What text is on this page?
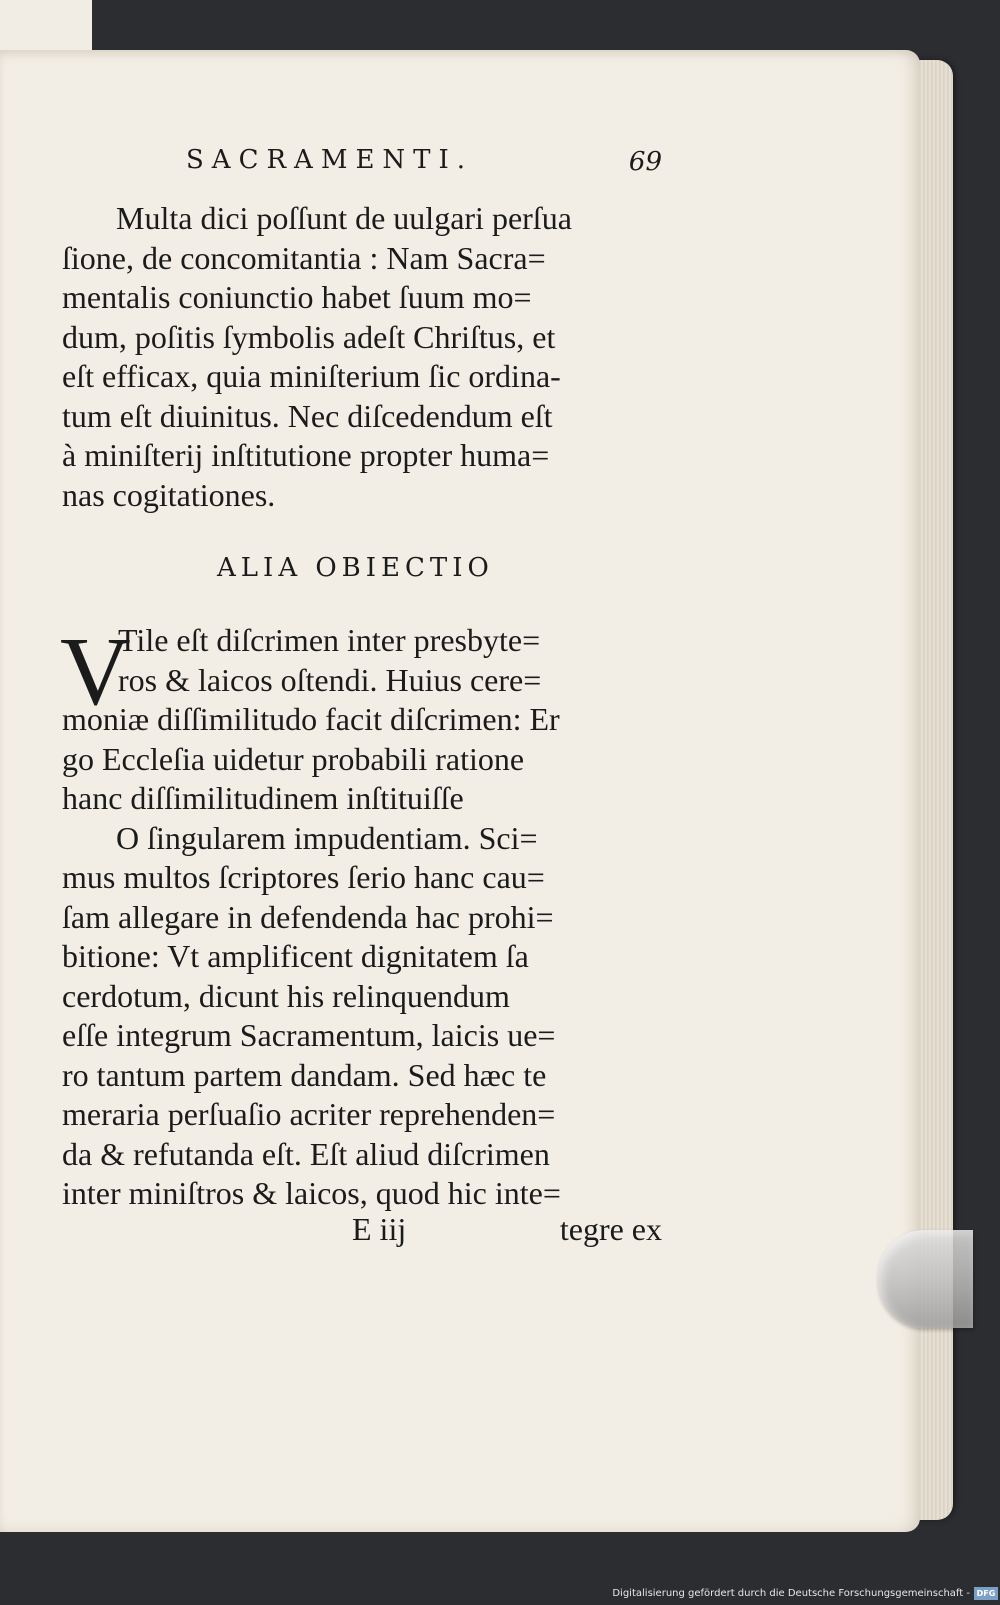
SACRAMENTI.	69
Multa dici poſſunt de uulgari perſua
ſione, de concomitantia : Nam Sacra=
mentalis coniunctio habet ſuum mo=
dum, poſitis ſymbolis adeſt Chriſtus, et
eſt efficax, quia miniſterium ſic ordina-
tum eſt diuinitus. Nec diſcedendum eſt
à miniſterij inſtitutione propter huma=
nas cogitationes.
ALIA OBIECTIO
V
Tile eſt diſcrimen inter presbyte=
ros & laicos oſtendi. Huius cere=
moniæ diſſimilitudo facit diſcrimen: Er
go Eccleſia uidetur probabili ratione
hanc diſſimilitudinem inſtituiſſe
O ſingularem impudentiam. Sci=
mus multos ſcriptores ſerio hanc cau=
ſam allegare in defendenda hac prohi=
bitione: Vt amplificent dignitatem ſa
cerdotum, dicunt his relinquendum
eſſe integrum Sacramentum, laicis ue=
ro tantum partem dandam. Sed hæc te
meraria perſuaſio acriter reprehenden=
da & refutanda eſt. Eſt aliud diſcrimen
inter miniſtros & laicos, quod hic inte=
E iij	tegre ex
Digitalisierung gefördert durch die Deutsche Forschungsgemeinschaft - DFG
